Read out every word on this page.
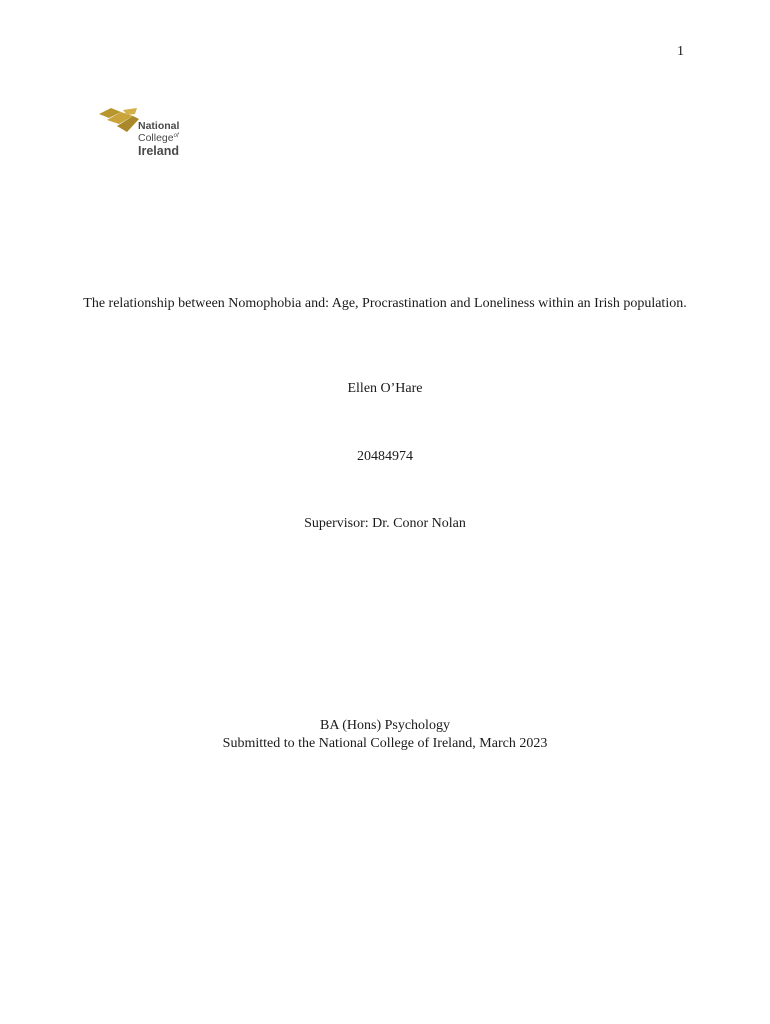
1
National
College$^{of}$
Ireland
The relationship between Nomophobia and: Age, Procrastination and Loneliness within an Irish population.
Ellen O’Hare
20484974
Supervisor: Dr. Conor Nolan
BA (Hons) Psychology
Submitted to the National College of Ireland, March 2023
